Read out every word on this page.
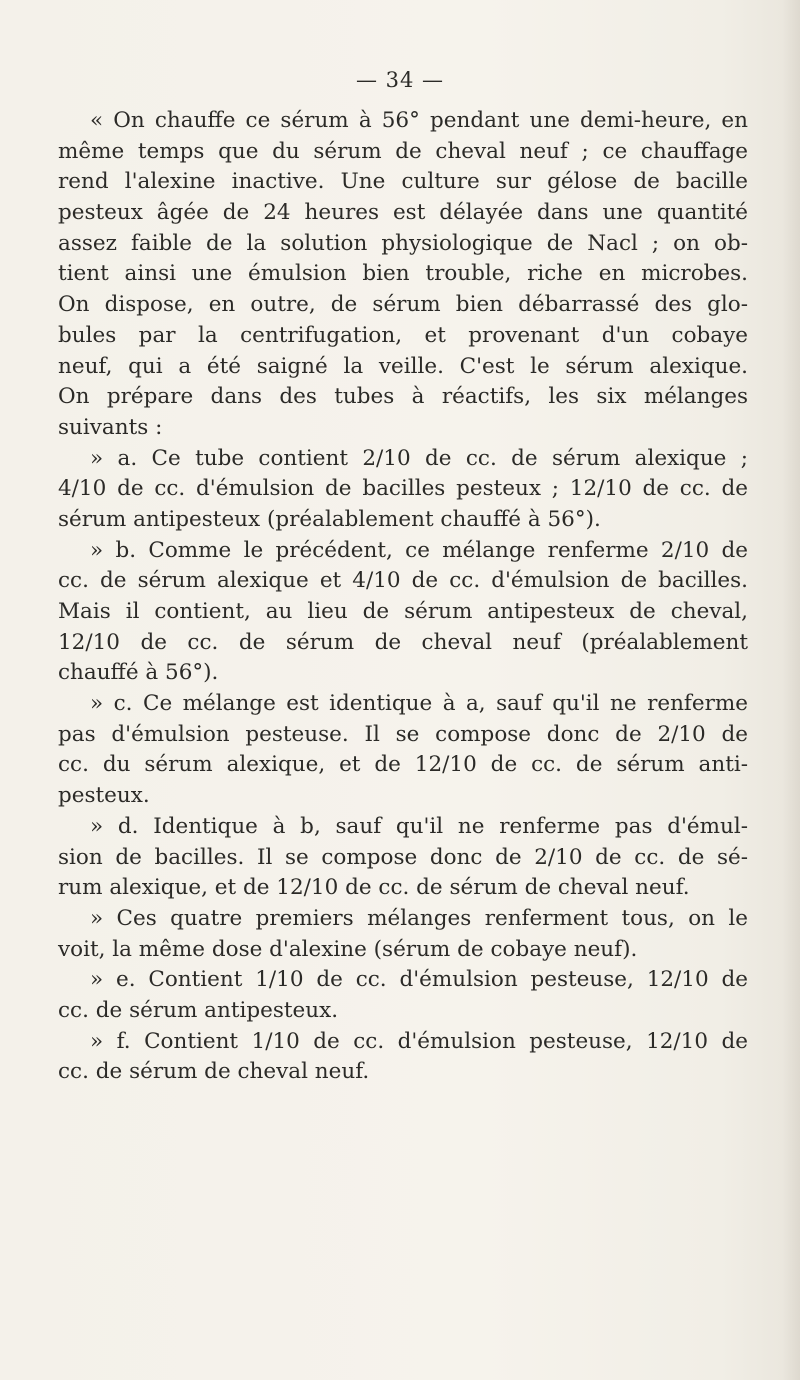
— 34 —
« On chauffe ce sérum à 56° pendant une demi-heure, en
même temps que du sérum de cheval neuf ; ce chauffage
rend l'alexine inactive. Une culture sur gélose de bacille
pesteux âgée de 24 heures est délayée dans une quantité
assez faible de la solution physiologique de Nacl ; on ob-
tient ainsi une émulsion bien trouble, riche en microbes.
On dispose, en outre, de sérum bien débarrassé des glo-
bules par la centrifugation, et provenant d'un cobaye
neuf, qui a été saigné la veille. C'est le sérum alexique.
On prépare dans des tubes à réactifs, les six mélanges
suivants :
» a. Ce tube contient 2/10 de cc. de sérum alexique ;
4/10 de cc. d'émulsion de bacilles pesteux ; 12/10 de cc. de
sérum antipesteux (préalablement chauffé à 56°).
» b. Comme le précédent, ce mélange renferme 2/10 de
cc. de sérum alexique et 4/10 de cc. d'émulsion de bacilles.
Mais il contient, au lieu de sérum antipesteux de cheval,
12/10 de cc. de sérum de cheval neuf (préalablement
chauffé à 56°).
» c. Ce mélange est identique à a, sauf qu'il ne renferme
pas d'émulsion pesteuse. Il se compose donc de 2/10 de
cc. du sérum alexique, et de 12/10 de cc. de sérum anti-
pesteux.
» d. Identique à b, sauf qu'il ne renferme pas d'émul-
sion de bacilles. Il se compose donc de 2/10 de cc. de sé-
rum alexique, et de 12/10 de cc. de sérum de cheval neuf.
» Ces quatre premiers mélanges renferment tous, on le
voit, la même dose d'alexine (sérum de cobaye neuf).
» e. Contient 1/10 de cc. d'émulsion pesteuse, 12/10 de
cc. de sérum antipesteux.
» f. Contient 1/10 de cc. d'émulsion pesteuse, 12/10 de
cc. de sérum de cheval neuf.
